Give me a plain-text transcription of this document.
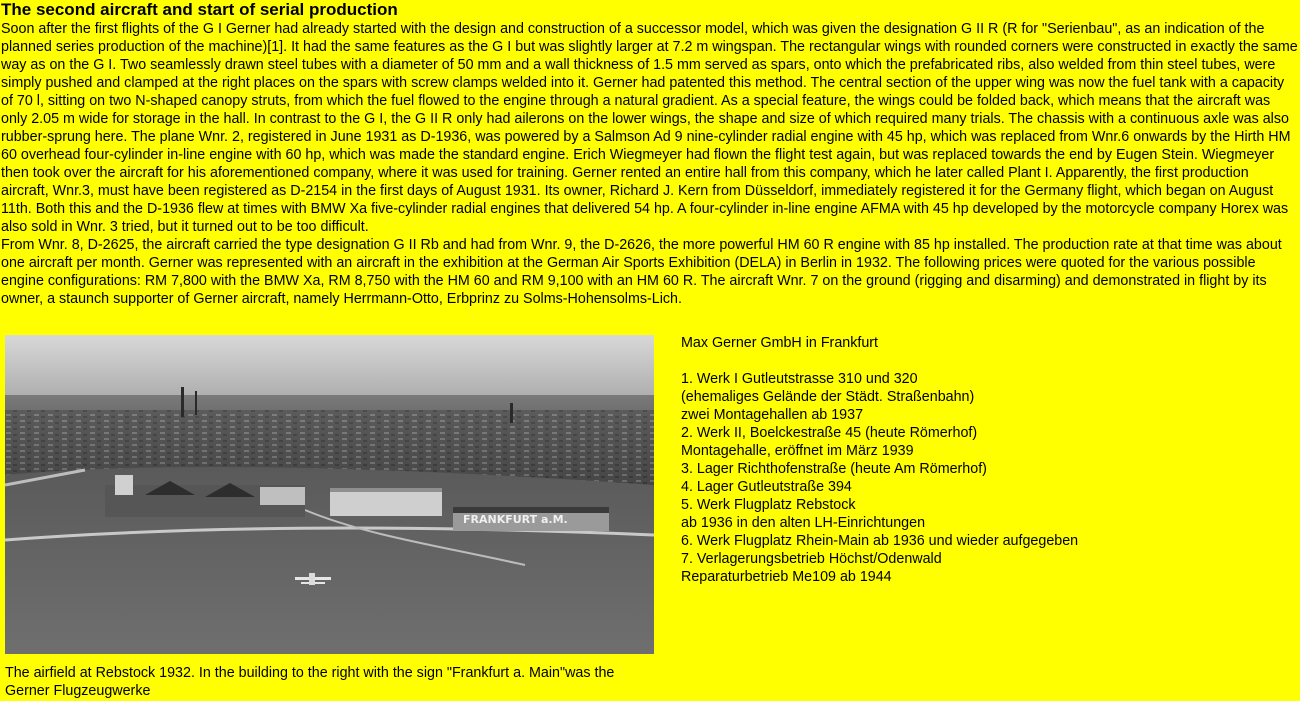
The second aircraft and start of serial production

Soon after the first flights of the G I Gerner had already started with the design and construction of a successor model, which was given the designation G II R (R for "Serienbau", as an indication of the planned series production of the machine)[1]. It had the same features as the G I but was slightly larger at 7.2 m wingspan. The rectangular wings with rounded corners were constructed in exactly the same way as on the G I. Two seamlessly drawn steel tubes with a diameter of 50 mm and a wall thickness of 1.5 mm served as spars, onto which the prefabricated ribs, also welded from thin steel tubes, were simply pushed and clamped at the right places on the spars with screw clamps welded into it. Gerner had patented this method. The central section of the upper wing was now the fuel tank with a capacity of 70 l, sitting on two N-shaped canopy struts, from which the fuel flowed to the engine through a natural gradient. As a special feature, the wings could be folded back, which means that the aircraft was only 2.05 m wide for storage in the hall. In contrast to the G I, the G II R only had ailerons on the lower wings, the shape and size of which required many trials. The chassis with a continuous axle was also rubber-sprung here. The plane Wnr. 2, registered in June 1931 as D-1936, was powered by a Salmson Ad 9 nine-cylinder radial engine with 45 hp, which was replaced from Wnr.6 onwards by the Hirth HM 60 overhead four-cylinder in-line engine with 60 hp, which was made the standard engine. Erich Wiegmeyer had flown the flight test again, but was replaced towards the end by Eugen Stein. Wiegmeyer then took over the aircraft for his aforementioned company, where it was used for training. Gerner rented an entire hall from this company, which he later called Plant I. Apparently, the first production aircraft, Wnr.3, must have been registered as D-2154 in the first days of August 1931. Its owner, Richard J. Kern from Düsseldorf, immediately registered it for the Germany flight, which began on August 11th. Both this and the D-1936 flew at times with BMW Xa five-cylinder radial engines that delivered 54 hp. A four-cylinder in-line engine AFMA with 45 hp developed by the motorcycle company Horex was also sold in Wnr. 3 tried, but it turned out to be too difficult.

From Wnr. 8, D-2625, the aircraft carried the type designation G II Rb and had from Wnr. 9, the D-2626, the more powerful HM 60 R engine with 85 hp installed. The production rate at that time was about one aircraft per month. Gerner was represented with an aircraft in the exhibition at the German Air Sports Exhibition (DELA) in Berlin in 1932. The following prices were quoted for the various possible engine configurations: RM 7,800 with the BMW Xa, RM 8,750 with the HM 60 and RM 9,100 with an HM 60 R. The aircraft Wnr. 7 on the ground (rigging and disarming) and demonstrated in flight by its owner, a staunch supporter of Gerner aircraft, namely Herrmann-Otto, Erbprinz zu Solms-Hohensolms-Lich.

FRANKFURT a.M.
The airfield at Rebstock 1932. In the building to the right with the sign "Frankfurt a. Main"was the Gerner Flugzeugwerke
Max Gerner GmbH in Frankfurt
1. Werk I Gutleutstrasse 310 und 320
(ehemaliges Gelände der Städt. Straßenbahn)
zwei Montagehallen ab 1937
2. Werk II, Boelckestraße 45 (heute Römerhof)
Montagehalle, eröffnet im März 1939
3. Lager Richthofenstraße (heute Am Römerhof)
4. Lager Gutleutstraße 394
5. Werk Flugplatz Rebstock
ab 1936 in den alten LH-Einrichtungen
6. Werk Flugplatz Rhein-Main ab 1936 und wieder aufgegeben
7. Verlagerungsbetrieb Höchst/Odenwald
Reparaturbetrieb Me109 ab 1944
